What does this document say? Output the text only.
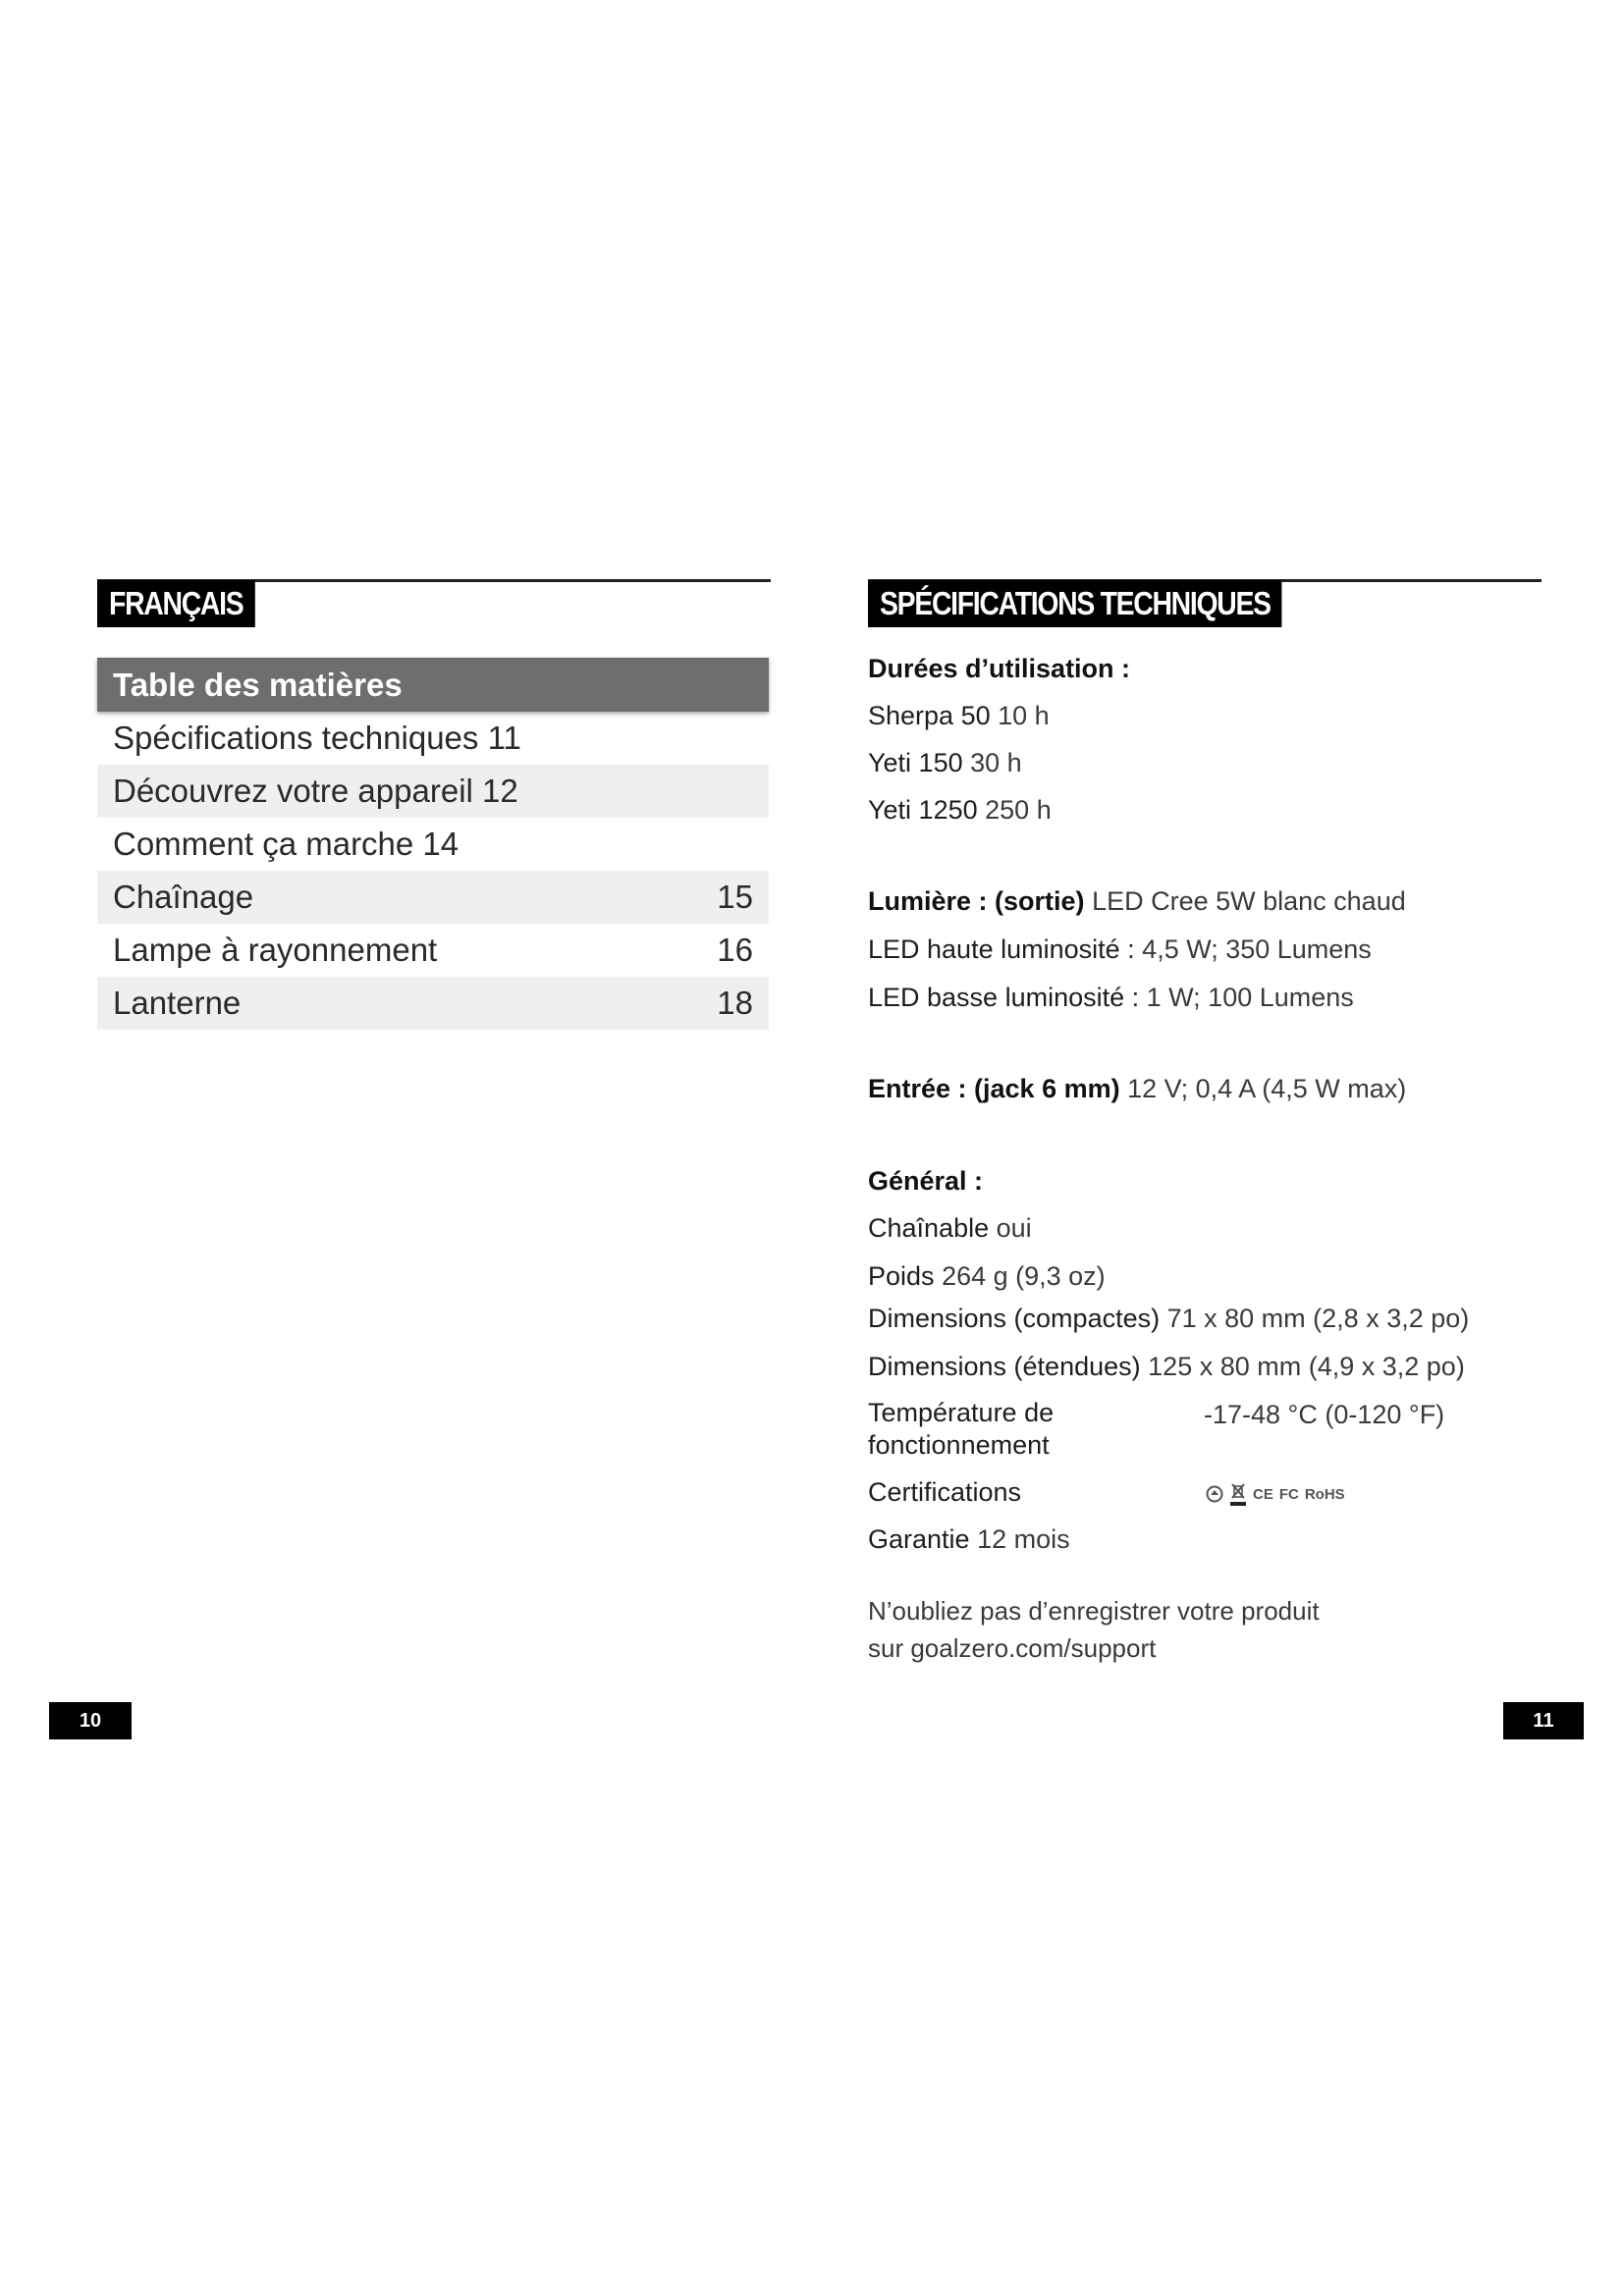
FRANÇAIS
Table des matières
Spécifications techniques 11
Découvrez votre appareil 12
Comment ça marche 14
Chaînage	15
Lampe à rayonnement	16
Lanterne	18
10
SPÉCIFICATIONS TECHNIQUES
Durées d’utilisation :
Sherpa 50 10 h
Yeti 150 30 h
Yeti 1250 250 h
Lumière : (sortie) LED Cree 5W blanc chaud
LED haute luminosité : 4,5 W; 350 Lumens
LED basse luminosité : 1 W; 100 Lumens
Entrée : (jack 6 mm) 12 V; 0,4 A (4,5 W max)
Général :
Chaînable oui
Poids 264 g (9,3 oz)
Dimensions (compactes) 71 x 80 mm (2,8 x 3,2 po)
Dimensions (étendues) 125 x 80 mm (4,9 x 3,2 po)
Température de
fonctionnement
-17-48 °C (0-120 °F)
Certifications	CE FC RoHS
Garantie 12 mois
N’oubliez pas d’enregistrer votre produit
sur goalzero.com/support
11
